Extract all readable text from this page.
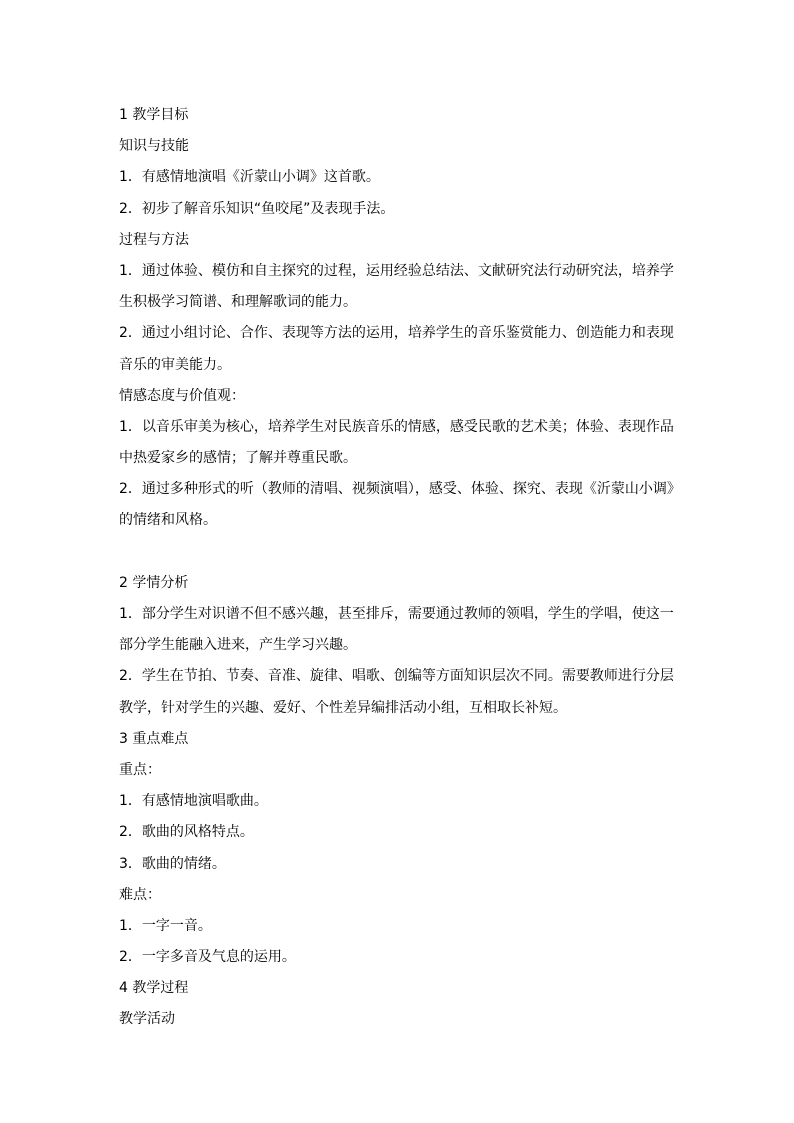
1 教学目标
知识与技能
1．有感情地演唱《沂蒙山小调》这首歌。
2．初步了解音乐知识“鱼咬尾”及表现手法。
过程与方法
1．通过体验、模仿和自主探究的过程，运用经验总结法、文献研究法行动研究法，培养学
生积极学习简谱、和理解歌词的能力。
2．通过小组讨论、合作、表现等方法的运用，培养学生的音乐鉴赏能力、创造能力和表现
音乐的审美能力。
情感态度与价值观：
1．以音乐审美为核心，培养学生对民族音乐的情感，感受民歌的艺术美；体验、表现作品
中热爱家乡的感情；了解并尊重民歌。
2．通过多种形式的听（教师的清唱、视频演唱），感受、体验、探究、表现《沂蒙山小调》
的情绪和风格。
2 学情分析
1．部分学生对识谱不但不感兴趣，甚至排斥，需要通过教师的领唱，学生的学唱，使这一
部分学生能融入进来，产生学习兴趣。
2．学生在节拍、节奏、音准、旋律、唱歌、创编等方面知识层次不同。需要教师进行分层
教学，针对学生的兴趣、爱好、个性差异编排活动小组，互相取长补短。
3 重点难点
重点：
1．有感情地演唱歌曲。
2．歌曲的风格特点。
3．歌曲的情绪。
难点：
1．一字一音。
2．一字多音及气息的运用。
4 教学过程
教学活动
